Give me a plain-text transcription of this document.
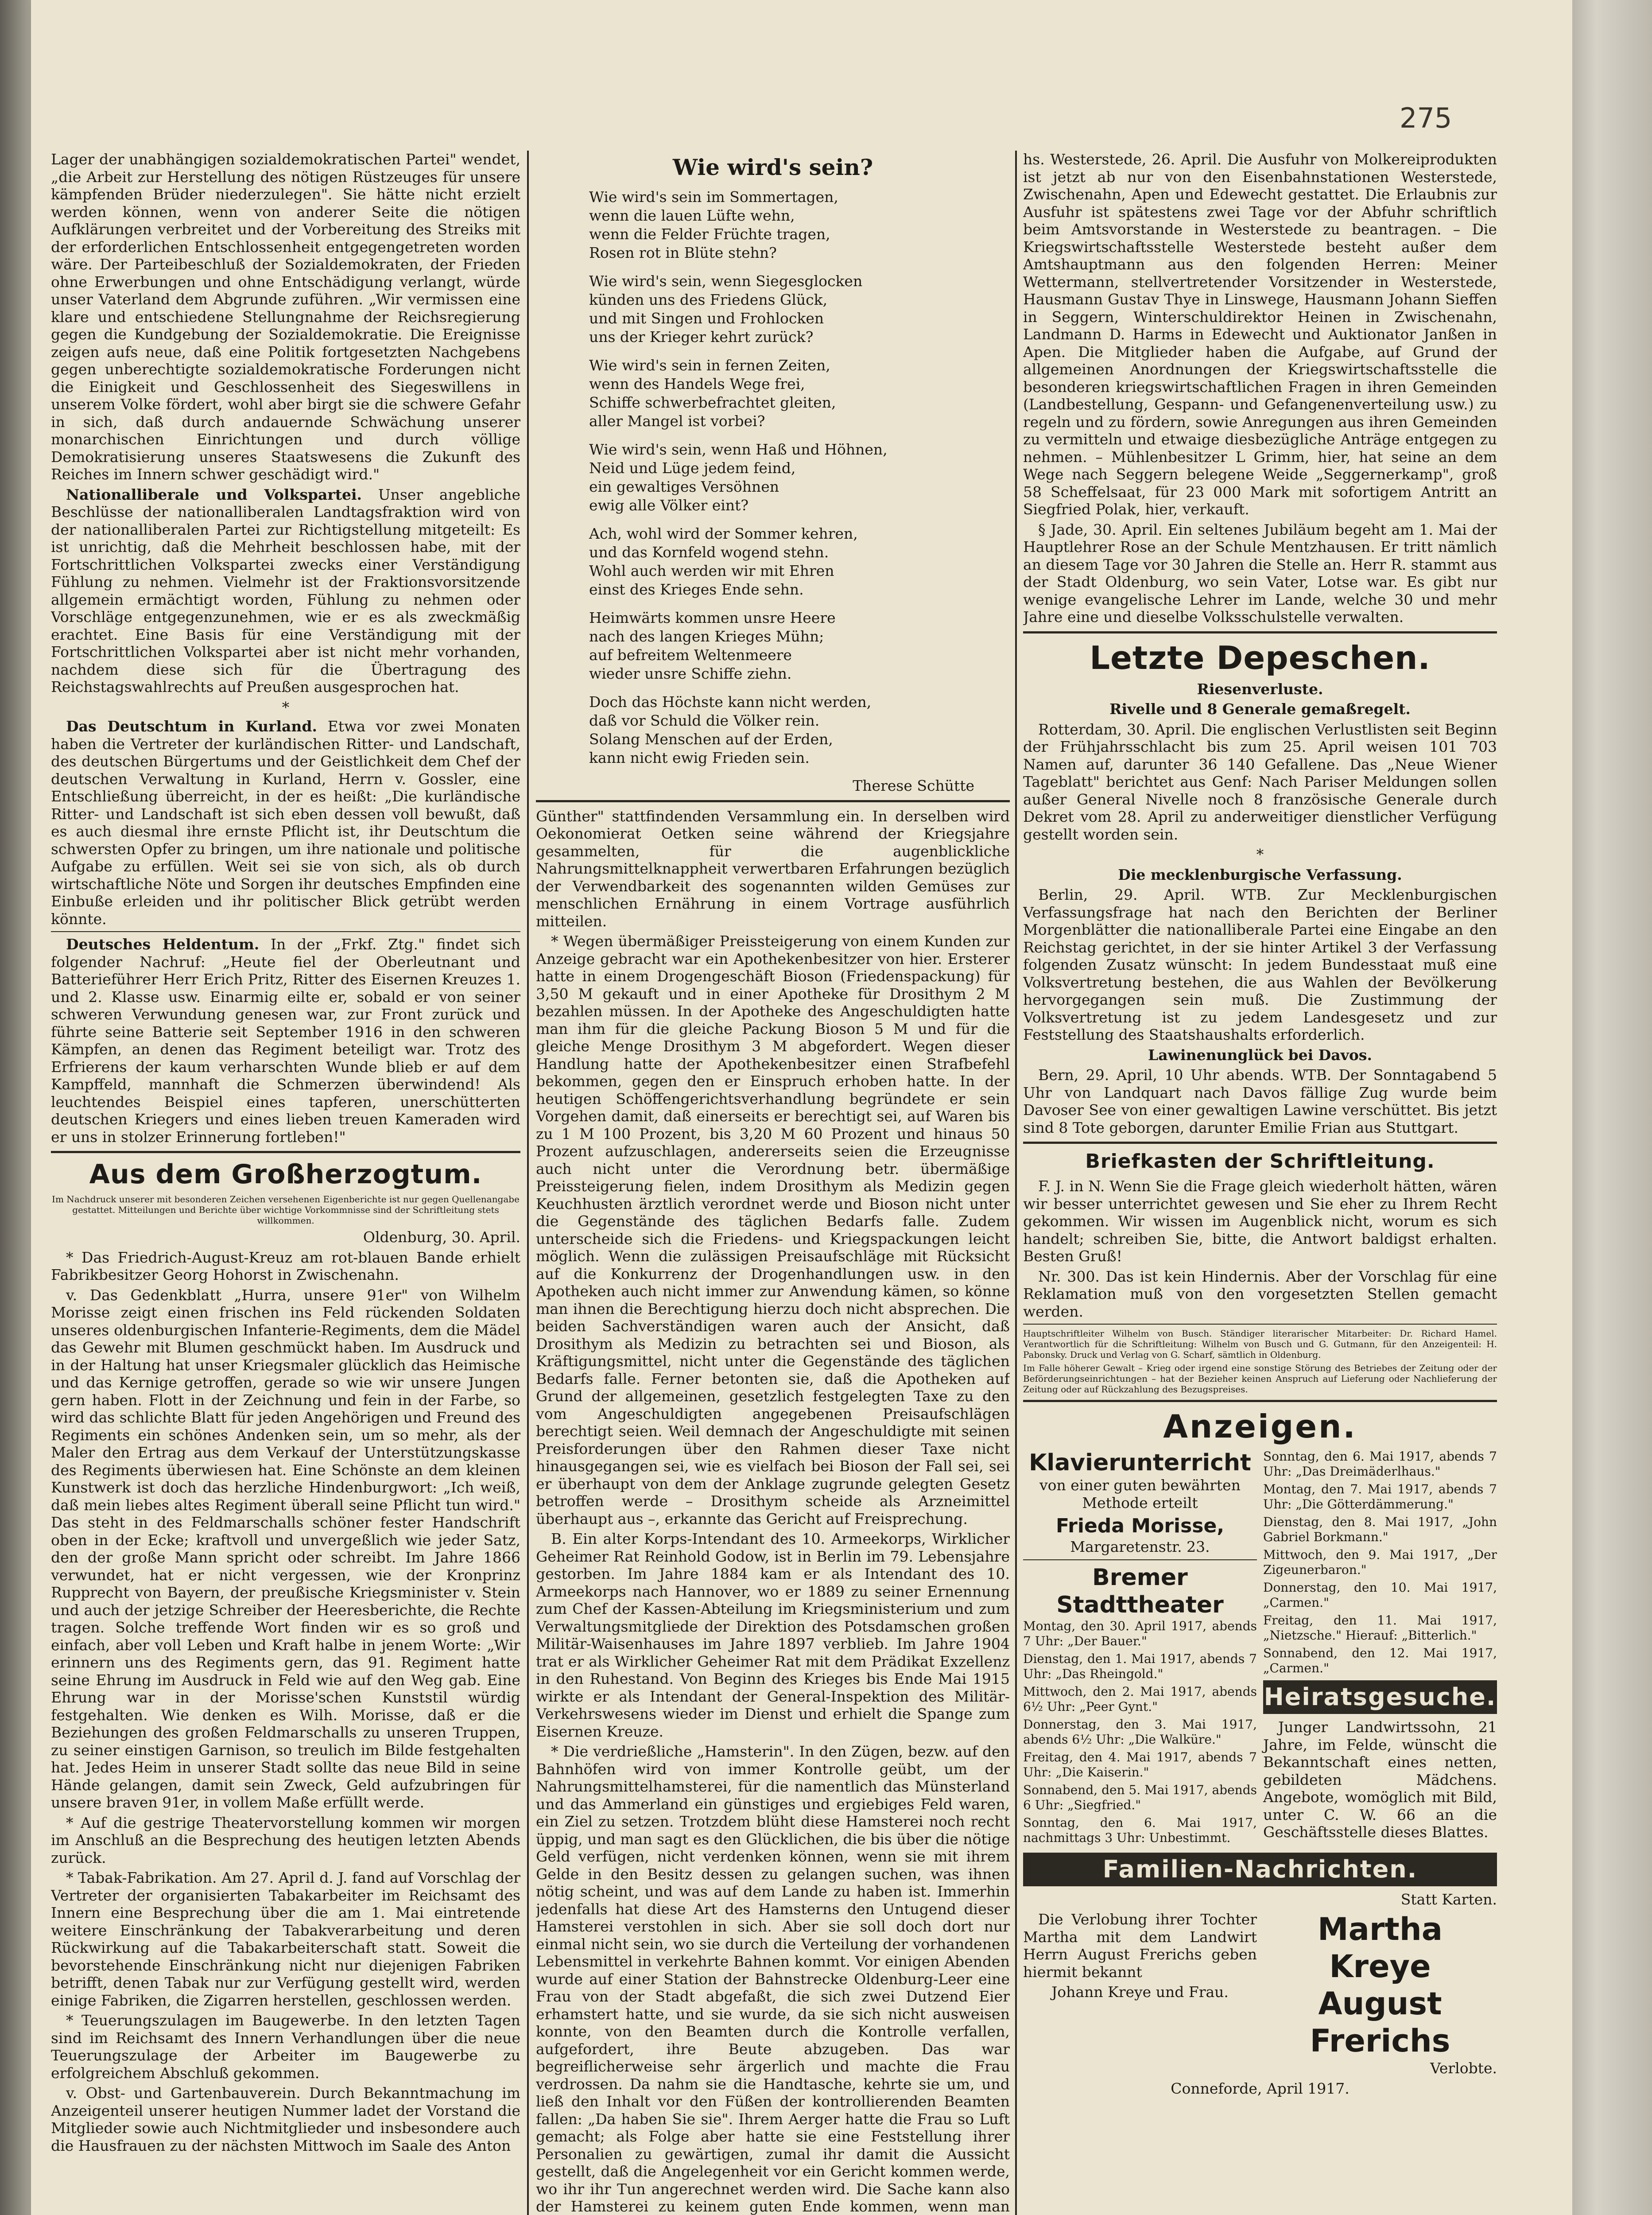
275

Lager der unabhängigen sozialdemokratischen Partei" wendet, „die Arbeit zur Herstellung des nötigen Rüstzeuges für unsere kämpfenden Brüder niederzulegen". Sie hätte nicht erzielt werden können, wenn von anderer Seite die nötigen Aufklärungen verbreitet und der Vorbereitung des Streiks mit der erforderlichen Entschlossenheit entgegengetreten worden wäre. Der Parteibeschluß der Sozialdemokraten, der Frieden ohne Erwerbungen und ohne Entschädigung verlangt, würde unser Vaterland dem Abgrunde zuführen. „Wir vermissen eine klare und entschiedene Stellungnahme der Reichsregierung gegen die Kundgebung der Sozialdemokratie. Die Ereignisse zeigen aufs neue, daß eine Politik fortgesetzten Nachgebens gegen unberechtigte sozialdemokratische Forderungen nicht die Einigkeit und Geschlossenheit des Siegeswillens in unserem Volke fördert, wohl aber birgt sie die schwere Gefahr in sich, daß durch andauernde Schwächung unserer monarchischen Einrichtungen und durch völlige Demokratisierung unseres Staatswesens die Zukunft des Reiches im Innern schwer geschädigt wird."

Nationalliberale und Volkspartei. Unser angebliche Beschlüsse der nationalliberalen Landtagsfraktion wird von der nationalliberalen Partei zur Richtigstellung mitgeteilt: Es ist unrichtig, daß die Mehrheit beschlossen habe, mit der Fortschrittlichen Volkspartei zwecks einer Verständigung Fühlung zu nehmen. Vielmehr ist der Fraktionsvorsitzende allgemein ermächtigt worden, Fühlung zu nehmen oder Vorschläge entgegenzunehmen, wie er es als zweckmäßig erachtet. Eine Basis für eine Verständigung mit der Fortschrittlichen Volkspartei aber ist nicht mehr vorhanden, nachdem diese sich für die Übertragung des Reichstagswahlrechts auf Preußen ausgesprochen hat.

*

Das Deutschtum in Kurland. Etwa vor zwei Monaten haben die Vertreter der kurländischen Ritter- und Landschaft, des deutschen Bürgertums und der Geistlichkeit dem Chef der deutschen Verwaltung in Kurland, Herrn v. Gossler, eine Entschließung überreicht, in der es heißt: „Die kurländische Ritter- und Landschaft ist sich eben dessen voll bewußt, daß es auch diesmal ihre ernste Pflicht ist, ihr Deutschtum die schwersten Opfer zu bringen, um ihre nationale und politische Aufgabe zu erfüllen. Weit sei sie von sich, als ob durch wirtschaftliche Nöte und Sorgen ihr deutsches Empfinden eine Einbuße erleiden und ihr politischer Blick getrübt werden könnte.

Deutsches Heldentum. In der „Frkf. Ztg." findet sich folgender Nachruf: „Heute fiel der Oberleutnant und Batterieführer Herr Erich Pritz, Ritter des Eisernen Kreuzes 1. und 2. Klasse usw. Einarmig eilte er, sobald er von seiner schweren Verwundung genesen war, zur Front zurück und führte seine Batterie seit September 1916 in den schweren Kämpfen, an denen das Regiment beteiligt war. Trotz des Erfrierens der kaum verharschten Wunde blieb er auf dem Kampffeld, mannhaft die Schmerzen überwindend! Als leuchtendes Beispiel eines tapferen, unerschütterten deutschen Kriegers und eines lieben treuen Kameraden wird er uns in stolzer Erinnerung fortleben!"

Aus dem Großherzogtum.

Im Nachdruck unserer mit besonderen Zeichen versehenen Eigenberichte ist nur gegen Quellenangabe gestattet. Mitteilungen und Berichte über wichtige Vorkommnisse sind der Schriftleitung stets willkommen.

Oldenburg, 30. April.

* Das Friedrich-August-Kreuz am rot-blauen Bande erhielt Fabrikbesitzer Georg Hohorst in Zwischenahn.

v. Das Gedenkblatt „Hurra, unsere 91er" von Wilhelm Morisse zeigt einen frischen ins Feld rückenden Soldaten unseres oldenburgischen Infanterie-Regiments, dem die Mädel das Gewehr mit Blumen geschmückt haben. Im Ausdruck und in der Haltung hat unser Kriegsmaler glücklich das Heimische und das Kernige getroffen, gerade so wie wir unsere Jungen gern haben. Flott in der Zeichnung und fein in der Farbe, so wird das schlichte Blatt für jeden Angehörigen und Freund des Regiments ein schönes Andenken sein, um so mehr, als der Maler den Ertrag aus dem Verkauf der Unterstützungskasse des Regiments überwiesen hat. Eine Schönste an dem kleinen Kunstwerk ist doch das herzliche Hindenburgwort: „Ich weiß, daß mein liebes altes Regiment überall seine Pflicht tun wird." Das steht in des Feldmarschalls schöner fester Handschrift oben in der Ecke; kraftvoll und unvergeßlich wie jeder Satz, den der große Mann spricht oder schreibt. Im Jahre 1866 verwundet, hat er nicht vergessen, wie der Kronprinz Rupprecht von Bayern, der preußische Kriegsminister v. Stein und auch der jetzige Schreiber der Heeresberichte, die Rechte tragen. Solche treffende Wort finden wir es so groß und einfach, aber voll Leben und Kraft halbe in jenem Worte: „Wir erinnern uns des Regiments gern, das 91. Regiment hatte seine Ehrung im Ausdruck in Feld wie auf den Weg gab. Eine Ehrung war in der Morisse'schen Kunststil würdig festgehalten. Wie denken es Wilh. Morisse, daß er die Beziehungen des großen Feldmarschalls zu unseren Truppen, zu seiner einstigen Garnison, so treulich im Bilde festgehalten hat. Jedes Heim in unserer Stadt sollte das neue Bild in seine Hände gelangen, damit sein Zweck, Geld aufzubringen für unsere braven 91er, in vollem Maße erfüllt werde.

* Auf die gestrige Theatervorstellung kommen wir morgen im Anschluß an die Besprechung des heutigen letzten Abends zurück.

* Tabak-Fabrikation. Am 27. April d. J. fand auf Vorschlag der Vertreter der organisierten Tabakarbeiter im Reichsamt des Innern eine Besprechung über die am 1. Mai eintretende weitere Einschränkung der Tabakverarbeitung und deren Rückwirkung auf die Tabakarbeiterschaft statt. Soweit die bevorstehende Einschränkung nicht nur diejenigen Fabriken betrifft, denen Tabak nur zur Verfügung gestellt wird, werden einige Fabriken, die Zigarren herstellen, geschlossen werden.

* Teuerungszulagen im Baugewerbe. In den letzten Tagen sind im Reichsamt des Innern Verhandlungen über die neue Teuerungszulage der Arbeiter im Baugewerbe zu erfolgreichem Abschluß gekommen.

v. Obst- und Gartenbauverein. Durch Bekanntmachung im Anzeigenteil unserer heutigen Nummer ladet der Vorstand die Mitglieder sowie auch Nichtmitglieder und insbesondere auch die Hausfrauen zu der nächsten Mittwoch im Saale des Anton

Wie wird's sein?
Wie wird's sein im Sommertagen,
wenn die lauen Lüfte wehn,
wenn die Felder Früchte tragen,
Rosen rot in Blüte stehn?
Wie wird's sein, wenn Siegesglocken
künden uns des Friedens Glück,
und mit Singen und Frohlocken
uns der Krieger kehrt zurück?
Wie wird's sein in fernen Zeiten,
wenn des Handels Wege frei,
Schiffe schwerbefrachtet gleiten,
aller Mangel ist vorbei?
Wie wird's sein, wenn Haß und Höhnen,
Neid und Lüge jedem feind,
ein gewaltiges Versöhnen
ewig alle Völker eint?
Ach, wohl wird der Sommer kehren,
und das Kornfeld wogend stehn.
Wohl auch werden wir mit Ehren
einst des Krieges Ende sehn.
Heimwärts kommen unsre Heere
nach des langen Krieges Mühn;
auf befreitem Weltenmeere
wieder unsre Schiffe ziehn.
Doch das Höchste kann nicht werden,
daß vor Schuld die Völker rein.
Solang Menschen auf der Erden,
kann nicht ewig Frieden sein.

Therese Schütte

Günther" stattfindenden Versammlung ein. In derselben wird Oekonomierat Oetken seine während der Kriegsjahre gesammelten, für die augenblickliche Nahrungsmittelknappheit verwertbaren Erfahrungen bezüglich der Verwendbarkeit des sogenannten wilden Gemüses zur menschlichen Ernährung in einem Vortrage ausführlich mitteilen.

* Wegen übermäßiger Preissteigerung von einem Kunden zur Anzeige gebracht war ein Apothekenbesitzer von hier. Ersterer hatte in einem Drogengeschäft Bioson (Friedenspackung) für 3,50 M gekauft und in einer Apotheke für Drosithym 2 M bezahlen müssen. In der Apotheke des Angeschuldigten hatte man ihm für die gleiche Packung Bioson 5 M und für die gleiche Menge Drosithym 3 M abgefordert. Wegen dieser Handlung hatte der Apothekenbesitzer einen Strafbefehl bekommen, gegen den er Einspruch erhoben hatte. In der heutigen Schöffengerichtsverhandlung begründete er sein Vorgehen damit, daß einerseits er berechtigt sei, auf Waren bis zu 1 M 100 Prozent, bis 3,20 M 60 Prozent und hinaus 50 Prozent aufzuschlagen, andererseits seien die Erzeugnisse auch nicht unter die Verordnung betr. übermäßige Preissteigerung fielen, indem Drosithym als Medizin gegen Keuchhusten ärztlich verordnet werde und Bioson nicht unter die Gegenstände des täglichen Bedarfs falle. Zudem unterscheide sich die Friedens- und Kriegspackungen leicht möglich. Wenn die zulässigen Preisaufschläge mit Rücksicht auf die Konkurrenz der Drogenhandlungen usw. in den Apotheken auch nicht immer zur Anwendung kämen, so könne man ihnen die Berechtigung hierzu doch nicht absprechen. Die beiden Sachverständigen waren auch der Ansicht, daß Drosithym als Medizin zu betrachten sei und Bioson, als Kräftigungsmittel, nicht unter die Gegenstände des täglichen Bedarfs falle. Ferner betonten sie, daß die Apotheken auf Grund der allgemeinen, gesetzlich festgelegten Taxe zu den vom Angeschuldigten angegebenen Preisaufschlägen berechtigt seien. Weil demnach der Angeschuldigte mit seinen Preisforderungen über den Rahmen dieser Taxe nicht hinausgegangen sei, wie es vielfach bei Bioson der Fall sei, sei er überhaupt von dem der Anklage zugrunde gelegten Gesetz betroffen werde – Drosithym scheide als Arzneimittel überhaupt aus –, erkannte das Gericht auf Freisprechung.

B. Ein alter Korps-Intendant des 10. Armeekorps, Wirklicher Geheimer Rat Reinhold Godow, ist in Berlin im 79. Lebensjahre gestorben. Im Jahre 1884 kam er als Intendant des 10. Armeekorps nach Hannover, wo er 1889 zu seiner Ernennung zum Chef der Kassen-Abteilung im Kriegsministerium und zum Verwaltungsmitgliede der Direktion des Potsdamschen großen Militär-Waisenhauses im Jahre 1897 verblieb. Im Jahre 1904 trat er als Wirklicher Geheimer Rat mit dem Prädikat Exzellenz in den Ruhestand. Von Beginn des Krieges bis Ende Mai 1915 wirkte er als Intendant der General-Inspektion des Militär-Verkehrswesens wieder im Dienst und erhielt die Spange zum Eisernen Kreuze.

* Die verdrießliche „Hamsterin". In den Zügen, bezw. auf den Bahnhöfen wird von immer Kontrolle geübt, um der Nahrungsmittelhamsterei, für die namentlich das Münsterland und das Ammerland ein günstiges und ergiebiges Feld waren, ein Ziel zu setzen. Trotzdem blüht diese Hamsterei noch recht üppig, und man sagt es den Glücklichen, die bis über die nötige Geld verfügen, nicht verdenken können, wenn sie mit ihrem Gelde in den Besitz dessen zu gelangen suchen, was ihnen nötig scheint, und was auf dem Lande zu haben ist. Immerhin jedenfalls hat diese Art des Hamsterns den Untugend dieser Hamsterei verstohlen in sich. Aber sie soll doch dort nur einmal nicht sein, wo sie durch die Verteilung der vorhandenen Lebensmittel in verkehrte Bahnen kommt. Vor einigen Abenden wurde auf einer Station der Bahnstrecke Oldenburg-Leer eine Frau von der Stadt abgefaßt, die sich zwei Dutzend Eier erhamstert hatte, und sie wurde, da sie sich nicht ausweisen konnte, von den Beamten durch die Kontrolle verfallen, aufgefordert, ihre Beute abzugeben. Das war begreiflicherweise sehr ärgerlich und machte die Frau verdrossen. Da nahm sie die Handtasche, kehrte sie um, und ließ den Inhalt vor den Füßen der kontrollierenden Beamten fallen: „Da haben Sie sie". Ihrem Aerger hatte die Frau so Luft gemacht; als Folge aber hatte sie eine Feststellung ihrer Personalien zu gewärtigen, zumal ihr damit die Aussicht gestellt, daß die Angelegenheit vor ein Gericht kommen werde, wo ihr ihr Tun angerechnet werden wird. Die Sache kann also der Hamsterei zu keinem guten Ende kommen, wenn man

hs. Westerstede, 26. April. Die Ausfuhr von Molkereiprodukten ist jetzt ab nur von den Eisenbahnstationen Westerstede, Zwischenahn, Apen und Edewecht gestattet. Die Erlaubnis zur Ausfuhr ist spätestens zwei Tage vor der Abfuhr schriftlich beim Amtsvorstande in Westerstede zu beantragen. – Die Kriegswirtschaftsstelle Westerstede besteht außer dem Amtshauptmann aus den folgenden Herren: Meiner Wettermann, stellvertretender Vorsitzender in Westerstede, Hausmann Gustav Thye in Linswege, Hausmann Johann Sieffen in Seggern, Winterschuldirektor Heinen in Zwischenahn, Landmann D. Harms in Edewecht und Auktionator Janßen in Apen. Die Mitglieder haben die Aufgabe, auf Grund der allgemeinen Anordnungen der Kriegswirtschaftsstelle die besonderen kriegswirtschaftlichen Fragen in ihren Gemeinden (Landbestellung, Gespann- und Gefangenenverteilung usw.) zu regeln und zu fördern, sowie Anregungen aus ihren Gemeinden zu vermitteln und etwaige diesbezügliche Anträge entgegen zu nehmen. – Mühlenbesitzer L Grimm, hier, hat seine an dem Wege nach Seggern belegene Weide „Seggernerkamp", groß 58 Scheffelsaat, für 23 000 Mark mit sofortigem Antritt an Siegfried Polak, hier, verkauft.

§ Jade, 30. April. Ein seltenes Jubiläum begeht am 1. Mai der Hauptlehrer Rose an der Schule Mentzhausen. Er tritt nämlich an diesem Tage vor 30 Jahren die Stelle an. Herr R. stammt aus der Stadt Oldenburg, wo sein Vater, Lotse war. Es gibt nur wenige evangelische Lehrer im Lande, welche 30 und mehr Jahre eine und dieselbe Volksschulstelle verwalten.

Letzte Depeschen.

Riesenverluste.

Rivelle und 8 Generale gemaßregelt.

Rotterdam, 30. April. Die englischen Verlustlisten seit Beginn der Frühjahrsschlacht bis zum 25. April weisen 101 703 Namen auf, darunter 36 140 Gefallene. Das „Neue Wiener Tageblatt" berichtet aus Genf: Nach Pariser Meldungen sollen außer General Nivelle noch 8 französische Generale durch Dekret vom 28. April zu anderweitiger dienstlicher Verfügung gestellt worden sein.

*

Die mecklenburgische Verfassung.

Berlin, 29. April. WTB. Zur Mecklenburgischen Verfassungsfrage hat nach den Berichten der Berliner Morgenblätter die nationalliberale Partei eine Eingabe an den Reichstag gerichtet, in der sie hinter Artikel 3 der Verfassung folgenden Zusatz wünscht: In jedem Bundesstaat muß eine Volksvertretung bestehen, die aus Wahlen der Bevölkerung hervorgegangen sein muß. Die Zustimmung der Volksvertretung ist zu jedem Landesgesetz und zur Feststellung des Staatshaushalts erforderlich.

Lawinenunglück bei Davos.

Bern, 29. April, 10 Uhr abends. WTB. Der Sonntagabend 5 Uhr von Landquart nach Davos fällige Zug wurde beim Davoser See von einer gewaltigen Lawine verschüttet. Bis jetzt sind 8 Tote geborgen, darunter Emilie Frian aus Stuttgart.

Briefkasten der Schriftleitung.

F. J. in N. Wenn Sie die Frage gleich wiederholt hätten, wären wir besser unterrichtet gewesen und Sie eher zu Ihrem Recht gekommen. Wir wissen im Augenblick nicht, worum es sich handelt; schreiben Sie, bitte, die Antwort baldigst erhalten. Besten Gruß!

Nr. 300. Das ist kein Hindernis. Aber der Vorschlag für eine Reklamation muß von den vorgesetzten Stellen gemacht werden.

Hauptschriftleiter Wilhelm von Busch. Ständiger literarischer Mitarbeiter: Dr. Richard Hamel. Verantwortlich für die Schriftleitung: Wilhelm von Busch und G. Gutmann, für den Anzeigenteil: H. Pabonsky. Druck und Verlag von G. Scharf, sämtlich in Oldenburg.

Im Falle höherer Gewalt – Krieg oder irgend eine sonstige Störung des Betriebes der Zeitung oder der Beförderungseinrichtungen – hat der Bezieher keinen Anspruch auf Lieferung oder Nachlieferung der Zeitung oder auf Rückzahlung des Bezugspreises.

Anzeigen.
Klavierunterricht

von einer guten bewährten Methode erteilt

Frieda Morisse,

Margaretenstr. 23.

Bremer Stadttheater

Montag, den 30. April 1917, abends 7 Uhr: „Der Bauer."

Dienstag, den 1. Mai 1917, abends 7 Uhr: „Das Rheingold."

Mittwoch, den 2. Mai 1917, abends 6½ Uhr: „Peer Gynt."

Donnerstag, den 3. Mai 1917, abends 6½ Uhr: „Die Walküre."

Freitag, den 4. Mai 1917, abends 7 Uhr: „Die Kaiserin."

Sonnabend, den 5. Mai 1917, abends 6 Uhr: „Siegfried."

Sonntag, den 6. Mai 1917, nachmittags 3 Uhr: Unbestimmt.

Sonntag, den 6. Mai 1917, abends 7 Uhr: „Das Dreimäderlhaus."

Montag, den 7. Mai 1917, abends 7 Uhr: „Die Götterdämmerung."

Dienstag, den 8. Mai 1917, „John Gabriel Borkmann."

Mittwoch, den 9. Mai 1917, „Der Zigeunerbaron."

Donnerstag, den 10. Mai 1917, „Carmen."

Freitag, den 11. Mai 1917, „Nietzsche." Hierauf: „Bitterlich."

Sonnabend, den 12. Mai 1917, „Carmen."

Heiratsgesuche.

Junger Landwirtssohn, 21 Jahre, im Felde, wünscht die Bekanntschaft eines netten, gebildeten Mädchens. Angebote, womöglich mit Bild, unter C. W. 66 an die Geschäftsstelle dieses Blattes.

Familien-Nachrichten.

Statt Karten.

Die Verlobung ihrer Tochter Martha mit dem Landwirt Herrn August Frerichs geben hiermit bekannt

Johann Kreye und Frau.

Martha Kreye
August Frerichs

Verlobte.

Conneforde, April 1917.
